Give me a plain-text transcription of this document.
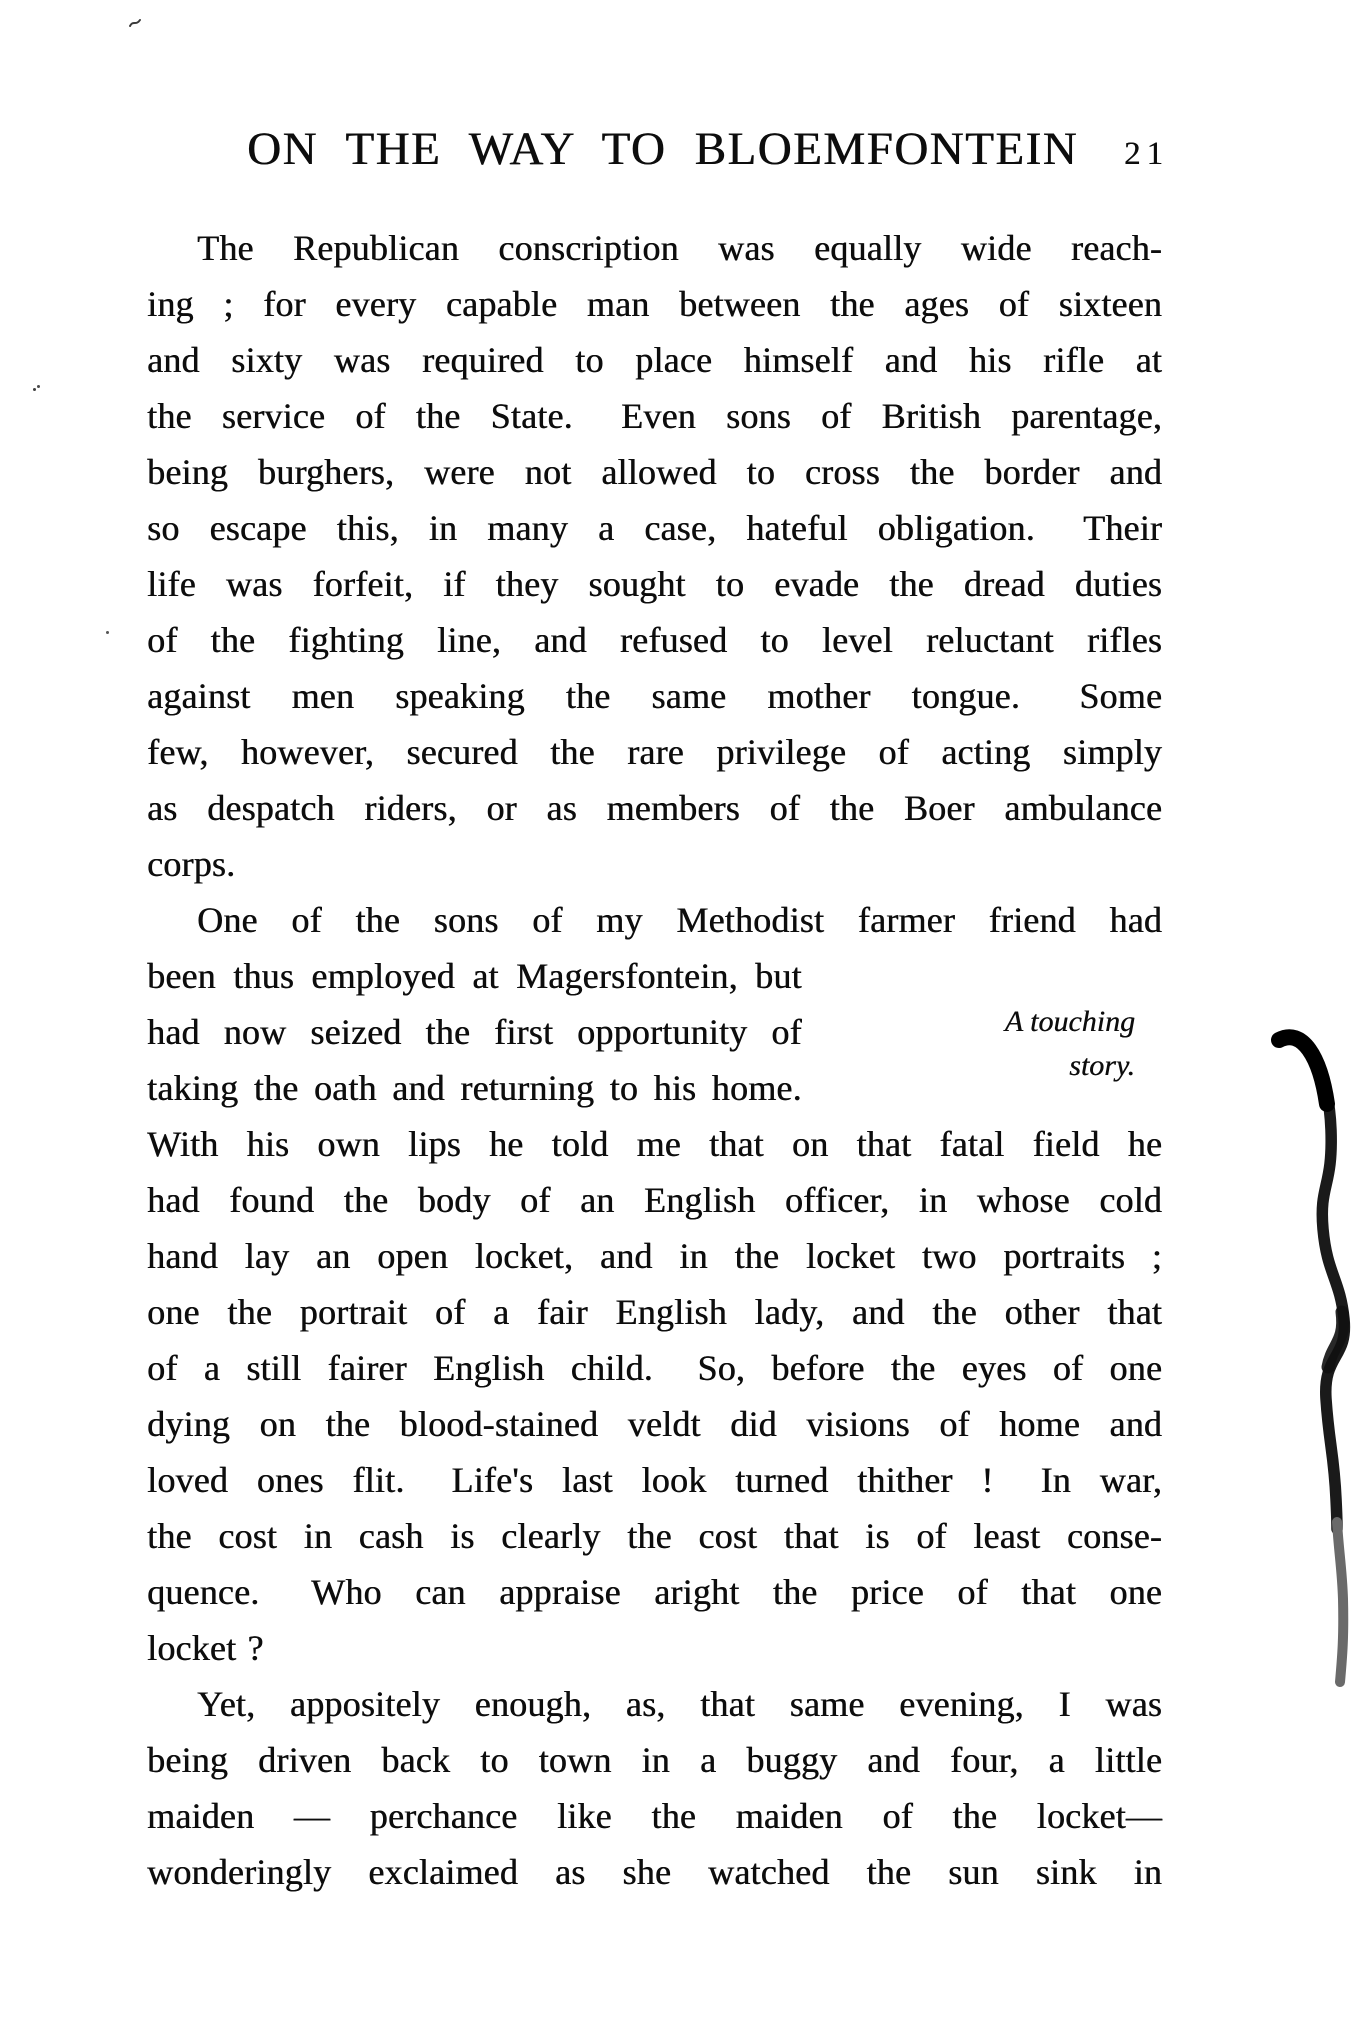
ON THE WAY TO BLOEMFONTEIN 21
The Republican conscription was equally wide reach-
ing ; for every capable man between the ages of sixteen
and sixty was required to place himself and his rifle at
the service of the State.  Even sons of British parentage,
being burghers, were not allowed to cross the border and
so escape this, in many a case, hateful obligation.  Their
life was forfeit, if they sought to evade the dread duties
of the fighting line, and refused to level reluctant rifles
against men speaking the same mother tongue.  Some
few, however, secured the rare privilege of acting simply
as despatch riders, or as members of the Boer ambulance
corps.
One of the sons of my Methodist farmer friend had
been thus employed at Magersfontein, but
had now seized the first opportunity of
taking the oath and returning to his home.
With his own lips he told me that on that fatal field he
had found the body of an English officer, in whose cold
hand lay an open locket, and in the locket two portraits ;
one the portrait of a fair English lady, and the other that
of a still fairer English child.  So, before the eyes of one
dying on the blood-stained veldt did visions of home and
loved ones flit.  Life's last look turned thither !  In war,
the cost in cash is clearly the cost that is of least conse-
quence.  Who can appraise aright the price of that one
locket ?
Yet, appositely enough, as, that same evening, I was
being driven back to town in a buggy and four, a little
maiden — perchance like the maiden of the locket—
wonderingly exclaimed as she watched the sun sink in
A touching
story.
